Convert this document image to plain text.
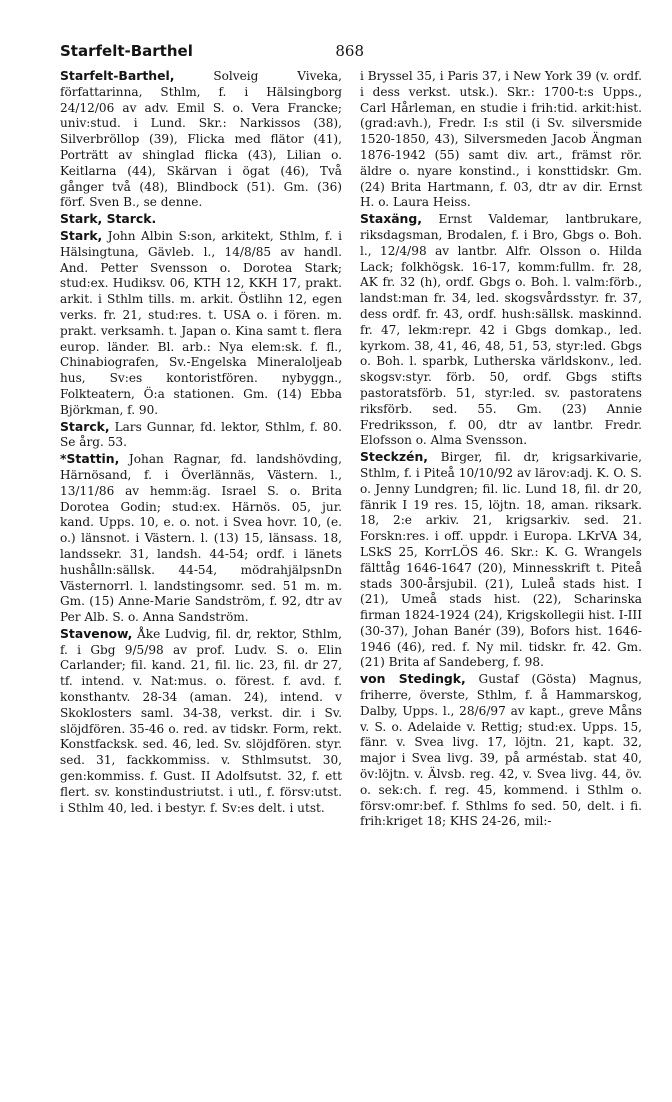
Starfelt-Barthel	868

Starfelt-Barthel,	Solveig Viveka, författarinna, Sthlm, f. i Hälsingborg 24/12/06 av adv. Emil S. o. Vera Francke; univ:stud. i Lund. Skr.: Narkissos (38), Silverbröllop (39), Flicka med flätor (41), Porträtt av shinglad flicka (43), Lilian o. Keitlarna (44), Skärvan i ögat (46), Två gånger två (48), Blindbock (51). Gm. (36) förf. Sven B., se denne.

Stark, Starck.

Stark, John Albin S:son, arkitekt, Sthlm, f. i Hälsingtuna, Gävleb. l., 14/8/85 av handl. And. Petter Svensson o. Dorotea Stark; stud:ex. Hudiksv. 06, KTH 12, KKH 17, prakt. arkit. i Sthlm tills. m. arkit. Östlihn 12, egen verks. fr. 21, stud:res. t. USA o. i fören. m. prakt. verksamh. t. Japan o. Kina samt t. flera europ. länder. Bl. arb.: Nya elem:sk. f. fl., Chinabiografen, Sv.-Engelska Mineraloljeab hus, Sv:es kontoristfören. nybyggn., Folkteatern, Ö:a stationen. Gm. (14) Ebba Björkman, f. 90.

Starck, Lars Gunnar, fd. lektor, Sthlm, f. 80. Se årg. 53.

*Stattin, Johan Ragnar, fd. landshövding, Härnösand, f. i Överlännäs, Västern. l., 13/11/86 av hemm:äg. Israel S. o. Brita Dorotea Godin; stud:ex. Härnös. 05, jur. kand. Upps. 10, e. o. not. i Svea hovr. 10, (e. o.) länsnot. i Västern. l. (13) 15, länsass. 18, landssekr. 31, landsh. 44-54; ordf. i länets hushålln:sällsk. 44-54, mödrahjälpsnDn Västernorrl. l. landstingsomr. sed. 51 m. m. Gm. (15) Anne-Marie Sandström, f. 92, dtr av Per Alb. S. o. Anna Sandström.

Stavenow, Åke Ludvig, fil. dr, rektor, Sthlm, f. i Gbg 9/5/98 av prof. Ludv. S. o. Elin Carlander; fil. kand. 21, fil. lic. 23, fil. dr 27, tf. intend. v. Nat:mus. o. förest. f. avd. f. konsthantv. 28-34 (aman. 24), intend. v Skoklosters saml. 34-38, verkst. dir. i Sv. slöjdfören. 35-46 o. red. av tidskr. Form, rekt. Konstfacksk. sed. 46, led. Sv. slöjdfören. styr. sed. 31, fackkommiss. v. Sthlmsutst. 30, gen:kommiss. f. Gust. II Adolfsutst. 32, f. ett flert. sv. konstindustriutst. i utl., f. försv:utst. i Sthlm 40, led. i bestyr. f. Sv:es delt. i utst.

i Bryssel 35, i Paris 37, i New York 39 (v. ordf. i dess verkst. utsk.). Skr.: 1700-t:s Upps., Carl Hårleman, en studie i frih:tid. arkit:hist. (grad:avh.), Fredr. I:s stil (i Sv. silversmide 1520-1850, 43), Silversmeden Jacob Ängman 1876-1942 (55) samt div. art., främst rör. äldre o. nyare konstind., i konsttidskr. Gm. (24) Brita Hartmann, f. 03, dtr av dir. Ernst H. o. Laura Heiss.

Staxäng, Ernst Valdemar, lantbrukare, riksdagsman, Brodalen, f. i Bro, Gbgs o. Boh. l., 12/4/98 av lantbr. Alfr. Olsson o. Hilda Lack; folkhögsk. 16-17, komm:fullm. fr. 28, AK fr. 32 (h), ordf. Gbgs o. Boh. l. valm:förb., landst:man fr. 34, led. skogsvårdsstyr. fr. 37, dess ordf. fr. 43, ordf. hush:sällsk. maskinnd. fr. 47, lekm:repr. 42 i Gbgs domkap., led. kyrkom. 38, 41, 46, 48, 51, 53, styr:led. Gbgs o. Boh. l. sparbk, Lutherska världskonv., led. skogsv:styr. förb. 50, ordf. Gbgs stifts pastoratsförb. 51, styr:led. sv. pastoratens riksförb. sed. 55. Gm. (23) Annie Fredriksson, f. 00, dtr av lantbr. Fredr. Elofsson o. Alma Svensson.

Steckzén, Birger, fil. dr, krigsarkivarie, Sthlm, f. i Piteå 10/10/92 av lärov:adj. K. O. S. o. Jenny Lundgren; fil. lic. Lund 18, fil. dr 20, fänrik I 19 res. 15, löjtn. 18, aman. riksark. 18, 2:e arkiv. 21, krigsarkiv. sed. 21. Forskn:res. i off. uppdr. i Europa. LKrVA 34, LSkS 25, KorrLÖS 46. Skr.: K. G. Wrangels fälttåg 1646-1647 (20), Minnesskrift t. Piteå stads 300-årsjubil. (21), Luleå stads hist. I (21), Umeå stads hist. (22), Scharinska firman 1824-1924 (24), Krigskollegii hist. I-III (30-37), Johan Banér (39), Bofors hist. 1646-1946 (46), red. f. Ny mil. tidskr. fr. 42. Gm. (21) Brita af Sandeberg, f. 98.

von Stedingk, Gustaf (Gösta) Magnus, friherre, överste, Sthlm, f. å Hammarskog, Dalby, Upps. l., 28/6/97 av kapt., greve Måns v. S. o. Adelaide v. Rettig; stud:ex. Upps. 15, fänr. v. Svea livg. 17, löjtn. 21, kapt. 32, major i Svea livg. 39, på arméstab. stat 40, öv:löjtn. v. Älvsb. reg. 42, v. Svea livg. 44, öv. o. sek:ch. f. reg. 45, kommend. i Sthlm o. försv:omr:bef. f. Sthlms fo sed. 50, delt. i fi. frih:kriget 18; KHS 24-26, mil:-
